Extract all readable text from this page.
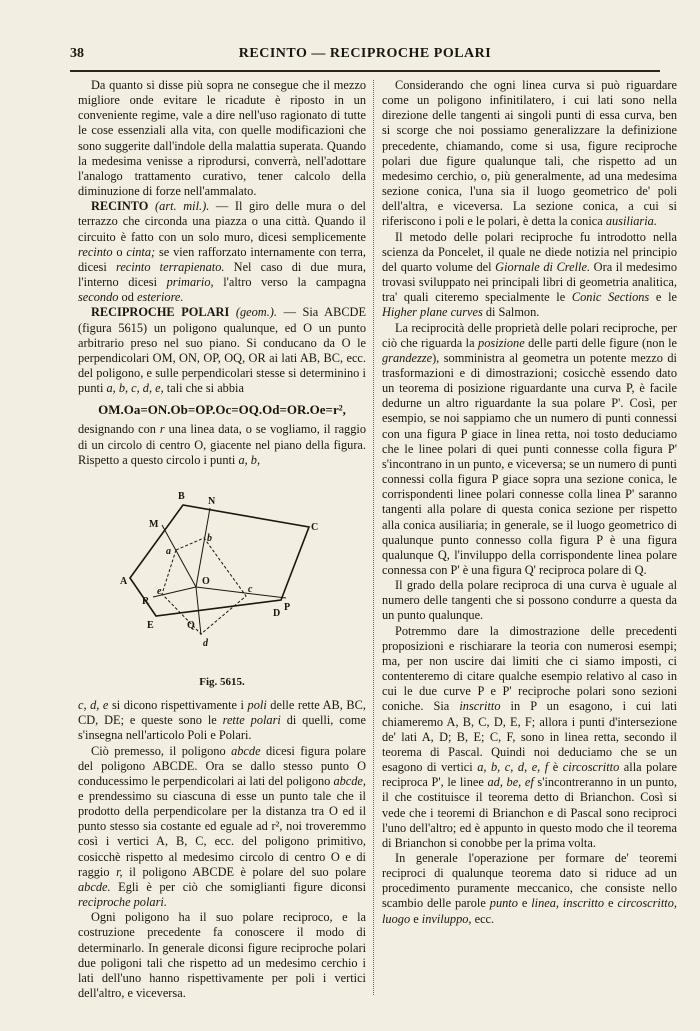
38	RECINTO — RECIPROCHE POLARI

Da quanto si disse più sopra ne consegue che il mezzo migliore onde evitare le ricadute è riposto in un conveniente regime, vale a dire nell'uso ragionato di tutte le cose essenziali alla vita, con quelle modificazioni che sono suggerite dall'indole della malattia superata. Quando la medesima venisse a riprodursi, converrà, nell'adottare l'analogo trattamento curativo, tener calcolo della diminuzione di forze nell'ammalato.

RECINTO (art. mil.). — Il giro delle mura o del terrazzo che circonda una piazza o una città. Quando il circuito è fatto con un solo muro, dicesi semplicemente recinto o cinta; se vien rafforzato internamente con terra, dicesi recinto terrapienato. Nel caso di due mura, l'interno dicesi primario, l'altro verso la campagna secondo od esteriore.

RECIPROCHE POLARI (geom.). — Sia ABCDE (figura 5615) un poligono qualunque, ed O un punto arbitrario preso nel suo piano. Si conducano da O le perpendicolari OM, ON, OP, OQ, OR ai lati AB, BC, ecc. del poligono, e sulle perpendicolari stesse si determinino i punti a, b, c, d, e, tali che si abbia

OM.Oa=ON.Ob=OP.Oc=OQ.Od=OR.Oe=r²,

designando con r una linea data, o se vogliamo, il raggio di un circolo di centro O, giacente nel piano della figura. Rispetto a questo circolo i punti a, b,

A
B
C
D
E
M
N
O
P
Q
R
a
b
c
d
e

Fig. 5615.

c, d, e si dicono rispettivamente i poli delle rette AB, BC, CD, DE; e queste sono le rette polari di quelli, come s'insegna nell'articolo Poli e Polari.

Ciò premesso, il poligono abcde dicesi figura polare del poligono ABCDE. Ora se dallo stesso punto O conducessimo le perpendicolari ai lati del poligono abcde, e prendessimo su ciascuna di esse un punto tale che il prodotto della perpendicolare per la distanza tra O ed il punto stesso sia costante ed eguale ad r², noi troveremmo così i vertici A, B, C, ecc. del poligono primitivo, cosicchè rispetto al medesimo circolo di centro O e di raggio r, il poligono ABCDE è polare del suo polare abcde. Egli è per ciò che somiglianti figure diconsi reciproche polari.

Ogni poligono ha il suo polare reciproco, e la costruzione precedente fa conoscere il modo di determinarlo. In generale diconsi figure reciproche polari due poligoni tali che rispetto ad un medesimo cerchio i lati dell'uno hanno rispettivamente per poli i vertici dell'altro, e viceversa.

Considerando che ogni linea curva si può riguardare come un poligono infinitilatero, i cui lati sono nella direzione delle tangenti ai singoli punti di essa curva, ben si scorge che noi possiamo generalizzare la definizione precedente, chiamando, come si usa, figure reciproche polari due figure qualunque tali, che rispetto ad un medesimo cerchio, o, più generalmente, ad una medesima sezione conica, l'una sia il luogo geometrico de' poli dell'altra, e viceversa. La sezione conica, a cui si riferiscono i poli e le polari, è detta la conica ausiliaria.

Il metodo delle polari reciproche fu introdotto nella scienza da Poncelet, il quale ne diede notizia nel principio del quarto volume del Giornale di Crelle. Ora il medesimo trovasi sviluppato nei principali libri di geometria analitica, tra' quali citeremo specialmente le Conic Sections e le Higher plane curves di Salmon.

La reciprocità delle proprietà delle polari reciproche, per ciò che riguarda la posizione delle parti delle figure (non le grandezze), somministra al geometra un potente mezzo di trasformazioni e di dimostrazioni; cosicchè essendo dato un teorema di posizione riguardante una curva P, è facile dedurne un altro riguardante la sua polare P'. Così, per esempio, se noi sappiamo che un numero di punti connessi con una figura P giace in linea retta, noi tosto deduciamo che le linee polari di quei punti connesse colla figura P' s'incontrano in un punto, e viceversa; se un numero di punti connessi colla figura P giace sopra una sezione conica, le corrispondenti linee polari connesse colla linea P' saranno tangenti alla polare di questa conica sezione per rispetto alla conica ausiliaria; in generale, se il luogo geometrico di qualunque punto connesso colla figura P è una figura qualunque Q, l'inviluppo della corrispondente linea polare connessa con P' è una figura Q' reciproca polare di Q.

Il grado della polare reciproca di una curva è uguale al numero delle tangenti che si possono condurre a questa da un punto qualunque.

Potremmo dare la dimostrazione delle precedenti proposizioni e rischiarare la teoria con numerosi esempi; ma, per non uscire dai limiti che ci siamo imposti, ci contenteremo di citare qualche esempio relativo al caso in cui le due curve P e P' reciproche polari sono sezioni coniche. Sia inscritto in P un esagono, i cui lati chiameremo A, B, C, D, E, F; allora i punti d'intersezione de' lati A, D; B, E; C, F, sono in linea retta, secondo il teorema di Pascal. Quindi noi deduciamo che se un esagono di vertici a, b, c, d, e, f è circoscritto alla polare reciproca P', le linee ad, be, ef s'incontreranno in un punto, il che costituisce il teorema detto di Brianchon. Così si vede che i teoremi di Brianchon e di Pascal sono reciproci l'uno dell'altro; ed è appunto in questo modo che il teorema di Brianchon si conobbe per la prima volta.

In generale l'operazione per formare de' teoremi reciproci di qualunque teorema dato si riduce ad un procedimento puramente meccanico, che consiste nello scambio delle parole punto e linea, inscritto e circoscritto, luogo e inviluppo, ecc.
